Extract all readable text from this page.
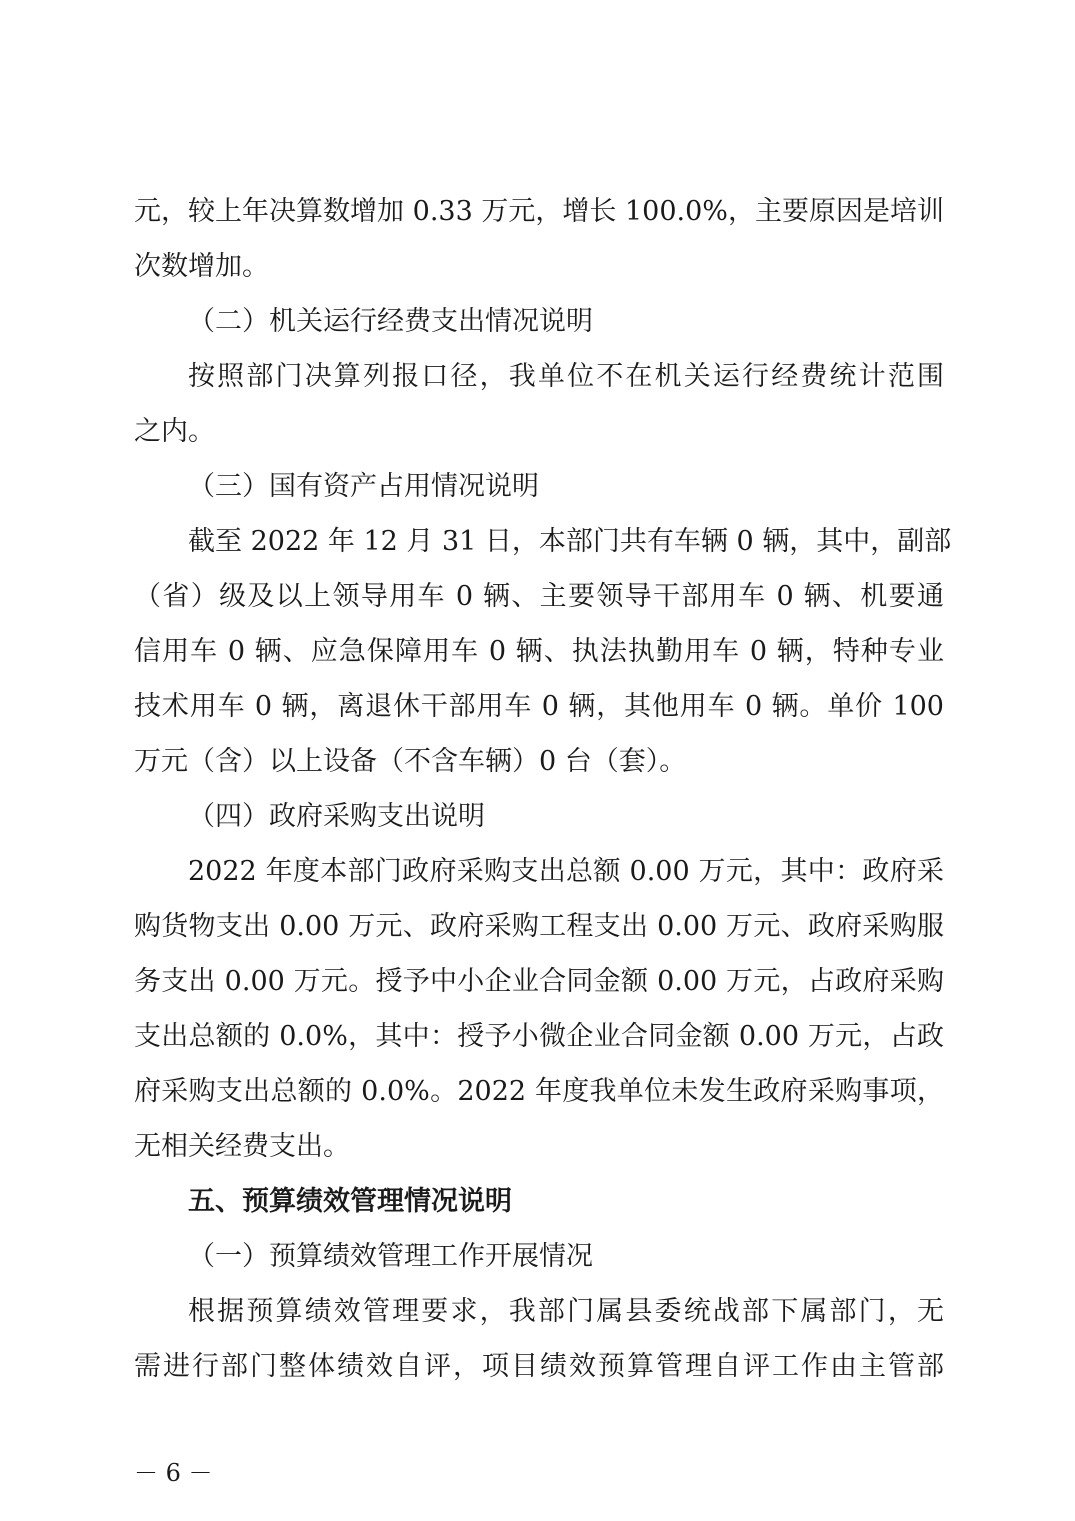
元，较上年决算数增加 0.33 万元，增长 100.0%，主要原因是培训
次数增加。
（二）机关运行经费支出情况说明
按照部门决算列报口径，我单位不在机关运行经费统计范围
之内。
（三）国有资产占用情况说明
截至 2022 年 12 月 31 日，本部门共有车辆 0 辆，其中，副部
（省）级及以上领导用车 0 辆、主要领导干部用车 0 辆、机要通
信用车 0 辆、应急保障用车 0 辆、执法执勤用车 0 辆，特种专业
技术用车 0 辆，离退休干部用车 0 辆，其他用车 0 辆。单价 100
万元（含）以上设备（不含车辆）0 台（套）。
（四）政府采购支出说明
2022 年度本部门政府采购支出总额 0.00 万元，其中：政府采
购货物支出 0.00 万元、政府采购工程支出 0.00 万元、政府采购服
务支出 0.00 万元。授予中小企业合同金额 0.00 万元，占政府采购
支出总额的 0.0%，其中：授予小微企业合同金额 0.00 万元，占政
府采购支出总额的 0.0%。2022 年度我单位未发生政府采购事项，
无相关经费支出。
五、预算绩效管理情况说明
（一）预算绩效管理工作开展情况
根据预算绩效管理要求，我部门属县委统战部下属部门，无
需进行部门整体绩效自评，项目绩效预算管理自评工作由主管部
－ 6 －
